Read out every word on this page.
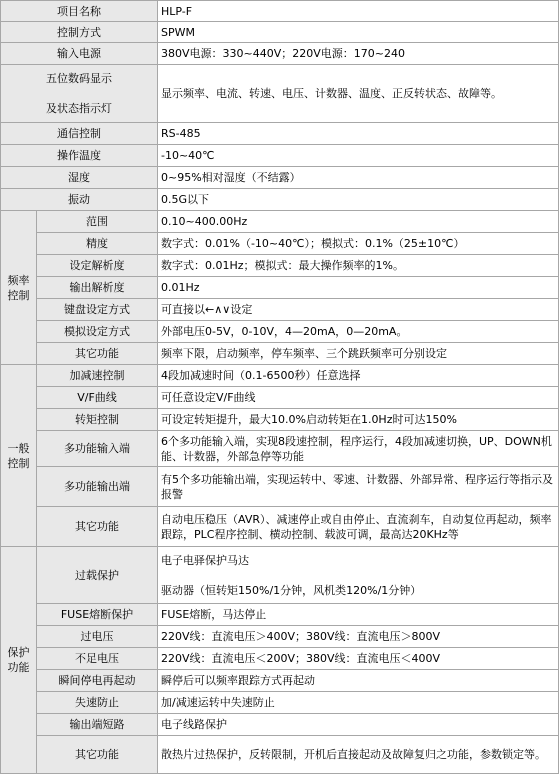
项目名称		HLP-F
控制方式		SPWM
输入电源		380V电源：330~440V；220V电源：170~240
五位数码显示

及状态指示灯		显示频率、电流、转速、电压、计数器、温度、正反转状态、故障等。
通信控制		RS-485
操作温度		-10~40℃
湿度		0~95%相对湿度（不结露）
振动		0.5G以下
频率
控制	范围	0.10~400.00Hz
	精度	数字式：0.01%（-10~40℃）；模拟式：0.1%（25±10℃）
	设定解析度	数字式：0.01Hz；模拟式：最大操作频率的1%。
	输出解析度	0.01Hz
	键盘设定方式	可直接以←∧∨设定
	模拟设定方式	外部电压0-5V，0-10V，4—20mA，0—20mA。
	其它功能	频率下限，启动频率，停车频率、三个跳跃频率可分别设定
一般
控制	加减速控制	4段加减速时间（0.1-6500秒）任意选择
	V/F曲线	可任意设定V/F曲线
	转矩控制	可设定转矩提升，最大10.0%启动转矩在1.0Hz时可达150%
	多功能输入端	6个多功能输入端，实现8段速控制，程序运行，4段加减速切换，UP、DOWN机能、计数器，外部急停等功能
	多功能输出端	有5个多功能输出端，实现运转中、零速、计数器、外部异常、程序运行等指示及报警
	其它功能	自动电压稳压（AVR）、减速停止或自由停止、直流刹车，自动复位再起动，频率跟踪，PLC程序控制、横动控制、载波可调，最高达20KHz等
保护
功能	过载保护	电子电驿保护马达

驱动器（恒转矩150%/1分钟，风机类120%/1分钟）
	FUSE熔断保护	FUSE熔断，马达停止
	过电压	220V线：直流电压＞400V；380V线：直流电压＞800V
	不足电压	220V线：直流电压＜200V；380V线：直流电压＜400V
	瞬间停电再起动	瞬停后可以频率跟踪方式再起动
	失速防止	加/减速运转中失速防止
	输出端短路	电子线路保护
	其它功能	散热片过热保护，反转限制，开机后直接起动及故障复归之功能，参数锁定等。
